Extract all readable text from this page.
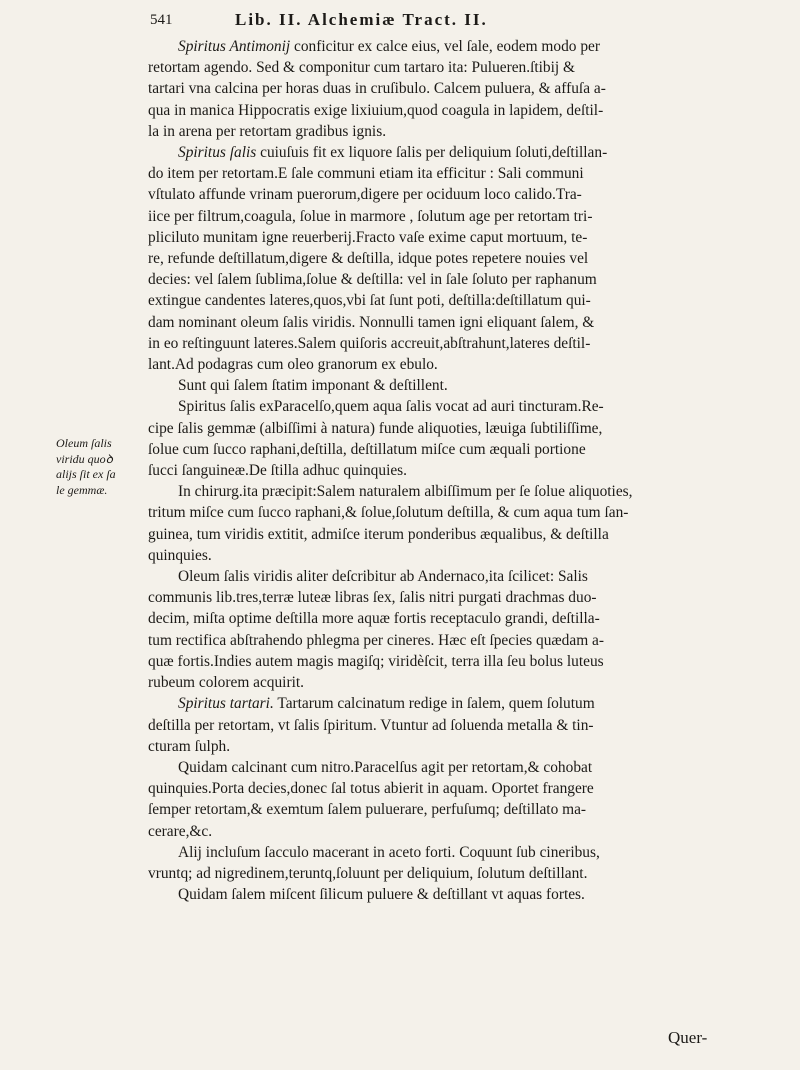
541	Lib. II. Alchemiæ Tract. II.
Oleum ſalis
viridu quoꝺ
alijs ſit ex ſa
le gemmæ.
Spiritus Antimonij conficitur ex calce eius, vel ſale, eodem modo per
retortam agendo. Sed & componitur cum tartaro ita: Pulueren.ſtibij &
tartari vna calcina per horas duas in cruſibulo. Calcem puluera, & affuſa a-
qua in manica Hippocratis exige lixiuium,quod coagula in lapidem, deſtil-
la in arena per retortam gradibus ignis.
Spiritus ſalis cuiuſuis fit ex liquore ſalis per deliquium ſoluti,deſtillan-
do item per retortam.E ſale communi etiam ita efficitur : Sali communi
vſtulato affunde vrinam puerorum,digere per ociduum loco calido.Tra-
iice per filtrum,coagula, ſolue in marmore , ſolutum age per retortam tri-
pliciluto munitam igne reuerberij.Fracto vaſe exime caput mortuum, te-
re, refunde deſtillatum,digere & deſtilla, idque potes repetere nouies vel
decies: vel ſalem ſublima,ſolue & deſtilla: vel in ſale ſoluto per raphanum
extingue candentes lateres,quos,vbi ſat ſunt poti, deſtilla:deſtillatum qui-
dam nominant oleum ſalis viridis. Nonnulli tamen igni eliquant ſalem, &
in eo reſtinguunt lateres.Salem quiſoris accreuit,abſtrahunt,lateres deſtil-
lant.Ad podagras cum oleo granorum ex ebulo.
Sunt qui ſalem ſtatim imponant & deſtillent.
Spiritus ſalis exParacelſo,quem aqua ſalis vocat ad auri tincturam.Re-
cipe ſalis gemmæ (albiſſimi à natura) funde aliquoties, læuiga ſubtiliſſime,
ſolue cum ſucco raphani,deſtilla, deſtillatum miſce cum æquali portione
ſucci ſanguineæ.De ſtilla adhuc quinquies.
In chirurg.ita præcipit:Salem naturalem albiſſimum per ſe ſolue aliquoties,
tritum miſce cum ſucco raphani,& ſolue,ſolutum deſtilla, & cum aqua tum ſan-
guinea, tum viridis extitit, admiſce iterum ponderibus æqualibus, & deſtilla
quinquies.
Oleum ſalis viridis aliter deſcribitur ab Andernaco,ita ſcilicet: Salis
communis lib.tres,terræ luteæ libras ſex, ſalis nitri purgati drachmas duo-
decim, miſta optime deſtilla more aquæ fortis receptaculo grandi, deſtilla-
tum rectifica abſtrahendo phlegma per cineres. Hæc eſt ſpecies quædam a-
quæ fortis.Indies autem magis magiſq; viridèſcit, terra illa ſeu bolus luteus
rubeum colorem acquirit.
Spiritus tartari. Tartarum calcinatum redige in ſalem, quem ſolutum
deſtilla per retortam, vt ſalis ſpiritum. Vtuntur ad ſoluenda metalla & tin-
cturam ſulph.
Quidam calcinant cum nitro.Paracelſus agit per retortam,& cohobat
quinquies.Porta decies,donec ſal totus abierit in aquam. Oportet frangere
ſemper retortam,& exemtum ſalem puluerare, perfuſumq; deſtillato ma-
cerare,&c.
Alij incluſum ſacculo macerant in aceto forti. Coquunt ſub cineribus,
vruntq; ad nigredinem,teruntq,ſoluunt per deliquium, ſolutum deſtillant.
Quidam ſalem miſcent ſilicum puluere & deſtillant vt aquas fortes.
Quer-
